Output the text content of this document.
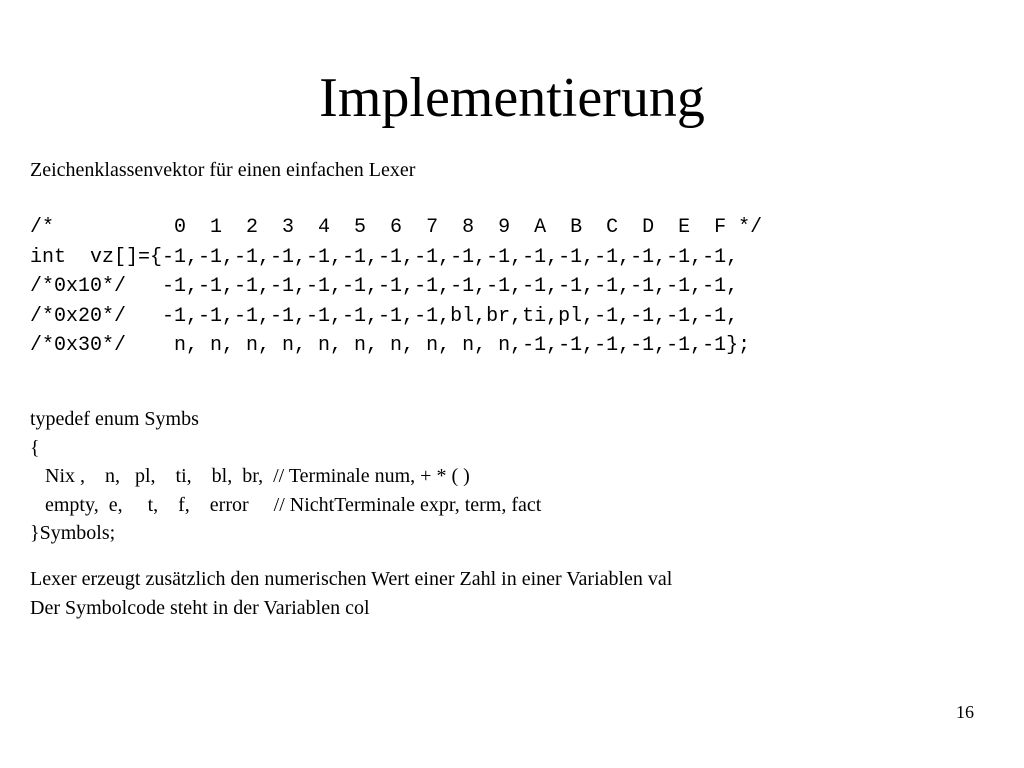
Implementierung

Zeichenklassenvektor für einen einfachen Lexer

/*          0  1  2  3  4  5  6  7  8  9  A  B  C  D  E  F */
int  vz[]={-1,-1,-1,-1,-1,-1,-1,-1,-1,-1,-1,-1,-1,-1,-1,-1,
/*0x10*/   -1,-1,-1,-1,-1,-1,-1,-1,-1,-1,-1,-1,-1,-1,-1,-1,
/*0x20*/   -1,-1,-1,-1,-1,-1,-1,-1,bl,br,ti,pl,-1,-1,-1,-1,
/*0x30*/    n, n, n, n, n, n, n, n, n, n,-1,-1,-1,-1,-1,-1};
typedef enum Symbs
{
Nix ,    n,   pl,    ti,    bl,  br,  // Terminale num, + * ( )
empty,  e,     t,    f,    error     // NichtTerminale expr, term, fact
}Symbols;
Lexer erzeugt zusätzlich den numerischen Wert einer Zahl in einer Variablen val
Der Symbolcode steht in der Variablen col
16
